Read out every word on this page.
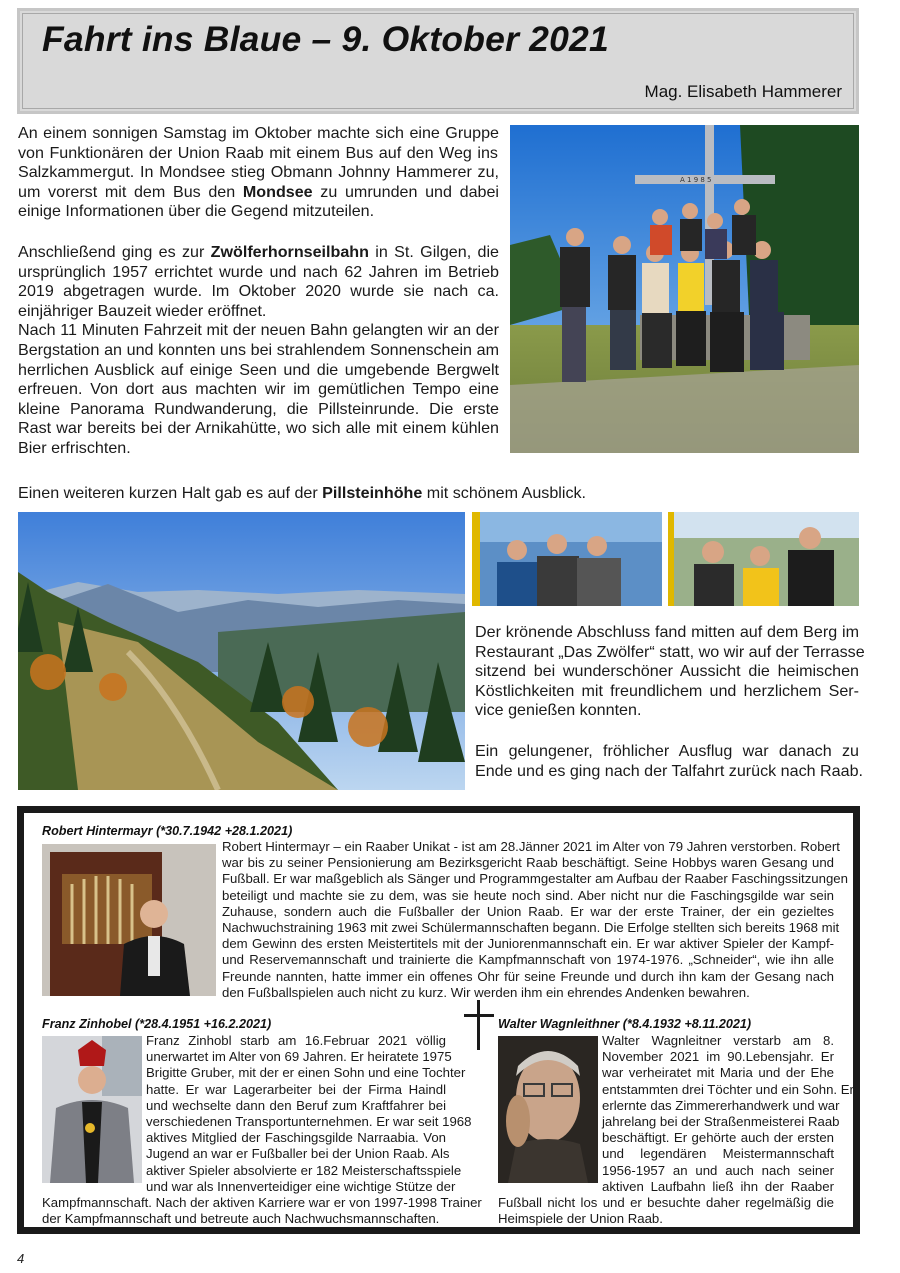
Fahrt ins Blaue – 9. Oktober 2021
Mag. Elisabeth Hammerer
An einem sonnigen Samstag im Oktober machte sich eine Gruppe
von Funktionären der Union Raab mit einem Bus auf den Weg ins
Salzkammergut. In Mondsee stieg Obmann Johnny Hammerer zu,
um vorerst mit dem Bus den Mondsee zu umrunden und dabei
einige Informationen über die Gegend mitzuteilen.
Anschließend ging es zur Zwölferhornseilbahn in St. Gilgen, die
ursprünglich 1957 errichtet wurde und nach 62 Jahren im Betrieb
2019 abgetragen wurde. Im Oktober 2020 wurde sie nach ca.
einjähriger Bauzeit wieder eröffnet.
Nach 11 Minuten Fahrzeit mit der neuen Bahn gelangten wir an der
Bergstation an und konnten uns bei strahlendem Sonnenschein am
herrlichen Ausblick auf einige Seen und die umgebende Bergwelt
erfreuen. Von dort aus machten wir im gemütlichen Tempo eine
kleine Panorama Rundwanderung, die Pillsteinrunde. Die erste
Rast war bereits bei der Arnikahütte, wo sich alle mit einem kühlen
Bier erfrischten.
Einen weiteren kurzen Halt gab es auf der Pillsteinhöhe mit schönem Ausblick.
A 1 9 8 5
Der krönende Abschluss fand mitten auf dem Berg im
Restaurant „Das Zwölfer“ statt, wo wir auf der Terrasse
sitzend bei wunderschöner Aussicht die heimischen
Köstlichkeiten mit freundlichem und herzlichem Ser-
vice genießen konnten.
Ein gelungener, fröhlicher Ausflug war danach zu
Ende und es ging nach der Talfahrt zurück nach Raab.
Robert Hintermayr (*30.7.1942 +28.1.2021)
Robert Hintermayr – ein Raaber Unikat - ist am 28.Jänner 2021 im Alter von 79 Jahren verstorben. Robert
war bis zu seiner Pensionierung am Bezirksgericht Raab beschäftigt. Seine Hobbys waren Gesang und
Fußball. Er war maßgeblich als Sänger und Programmgestalter am Aufbau der Raaber Faschingssitzungen
beteiligt und machte sie zu dem, was sie heute noch sind. Aber nicht nur die Faschingsgilde war sein
Zuhause, sondern auch die Fußballer der Union Raab. Er war der erste Trainer, der ein gezieltes
Nachwuchstraining 1963 mit zwei Schülermannschaften begann. Die Erfolge stellten sich bereits 1968 mit
dem Gewinn des ersten Meistertitels mit der Juniorenmannschaft ein. Er war aktiver Spieler der Kampf-
und Reservemannschaft und trainierte die Kampfmannschaft von 1974-1976. „Schneider“, wie ihn alle
Freunde nannten, hatte immer ein offenes Ohr für seine Freunde und durch ihn kam der Gesang nach
den Fußballspielen auch nicht zu kurz. Wir werden ihm ein ehrendes Andenken bewahren.
Franz Zinhobel (*28.4.1951 +16.2.2021)
Franz Zinhobl starb am 16.Februar 2021 völlig
unerwartet im Alter von 69 Jahren. Er heiratete 1975
Brigitte Gruber, mit der er einen Sohn und eine Tochter
hatte. Er war Lagerarbeiter bei der Firma Haindl
und wechselte dann den Beruf zum Kraftfahrer bei
verschiedenen Transportunternehmen. Er war seit 1968
aktives Mitglied der Faschingsgilde Narraabia. Von
Jugend an war er Fußballer bei der Union Raab. Als
aktiver Spieler absolvierte er 182 Meisterschaftsspiele
und war als Innenverteidiger eine wichtige Stütze der
Kampfmannschaft. Nach der aktiven Karriere war er von 1997-1998 Trainer
der Kampfmannschaft und betreute auch Nachwuchsmannschaften.
Walter Wagnleithner (*8.4.1932 +8.11.2021)
Walter Wagnleitner verstarb am 8.
November 2021 im 90.Lebensjahr. Er
war verheiratet mit Maria und der Ehe
entstammten drei Töchter und ein Sohn. Er
erlernte das Zimmererhandwerk und war
jahrelang bei der Straßenmeisterei Raab
beschäftigt. Er gehörte auch der ersten
und legendären Meistermannschaft
1956-1957 an und auch nach seiner
aktiven Laufbahn ließ ihn der Raaber
Fußball nicht los und er besuchte daher regelmäßig die
Heimspiele der Union Raab.
4
